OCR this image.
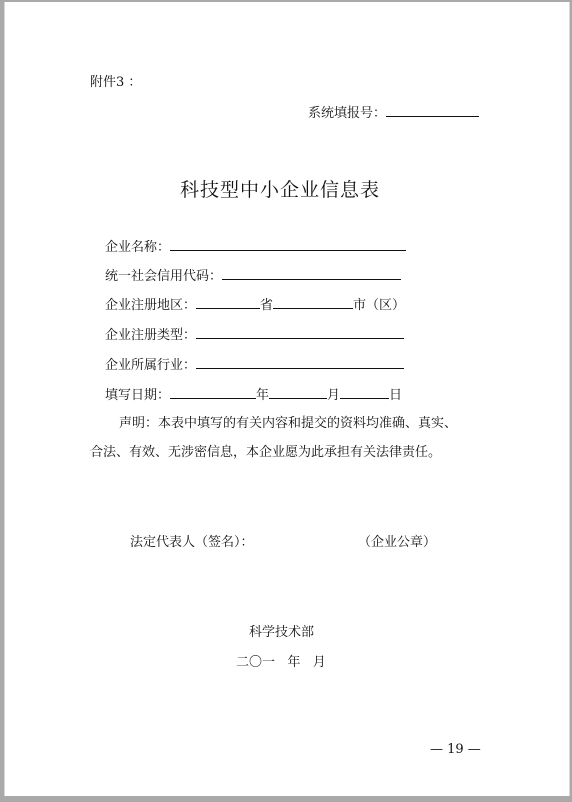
附件3 ：
系统填报号：
科技型中小企业信息表
企业名称：
统一社会信用代码：
企业注册地区：	省	市（区）
企业注册类型：
企业所属行业：
填写日期：	年	月	日
声明：本表中填写的有关内容和提交的资料均准确、真实、
合法、有效、无涉密信息，本企业愿为此承担有关法律责任。
法定代表人（签名）：	（企业公章）
科学技术部
二〇一   年   月
— 19 —
